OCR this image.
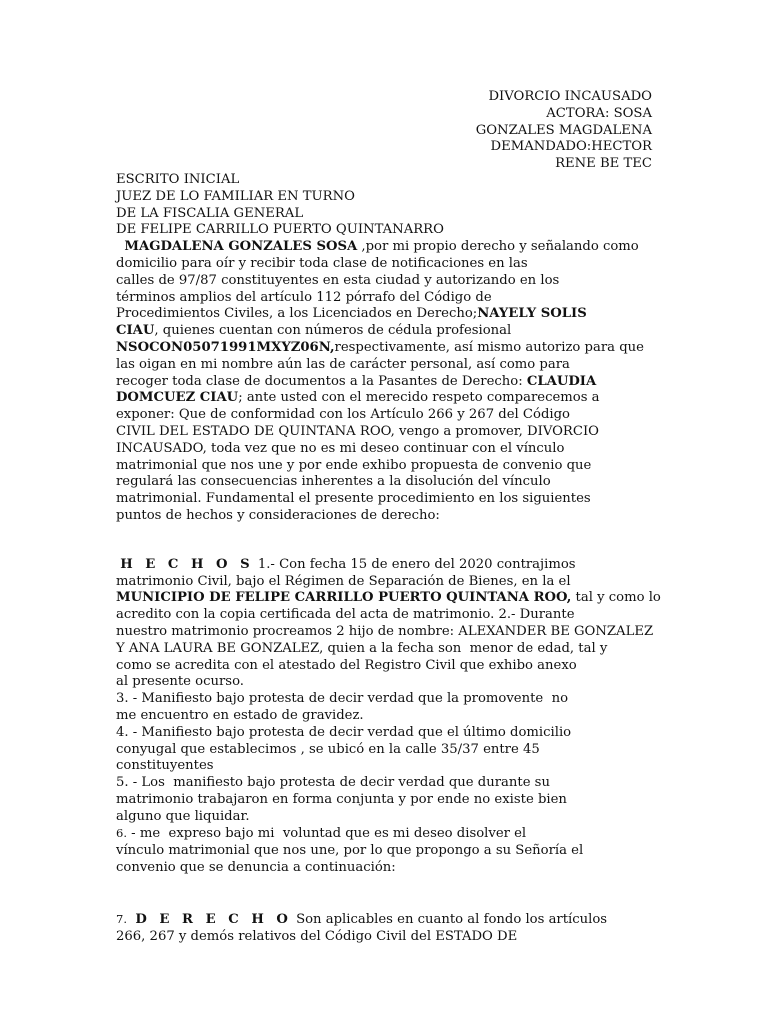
DIVORCIO INCAUSADO
ACTORA: SOSA
GONZALES MAGDALENA
DEMANDADO:HECTOR
RENE BE TEC
ESCRITO INICIAL
JUEZ DE LO FAMILIAR EN TURNO
DE LA FISCALIA GENERAL
DE FELIPE CARRILLO PUERTO QUINTANARRO
MAGDALENA GONZALES SOSA ,por mi propio derecho y señalando como
domicilio para oír y recibir toda clase de notificaciones en las
calles de 97/87 constituyentes en esta ciudad y autorizando en los
términos amplios del artículo 112 pórrafo del Código de
Procedimientos Civiles, a los Licenciados en Derecho;NAYELY SOLIS
CIAU, quienes cuentan con números de cédula profesional
NSOCON05071991MXYZ06N,respectivamente, así mismo autorizo para que
las oigan en mi nombre aún las de carácter personal, así como para
recoger toda clase de documentos a la Pasantes de Derecho: CLAUDIA
DOMCUEZ CIAU; ante usted con el merecido respeto comparecemos a
exponer: Que de conformidad con los Artículo 266 y 267 del Código
CIVIL DEL ESTADO DE QUINTANA ROO, vengo a promover, DIVORCIO
INCAUSADO, toda vez que no es mi deseo continuar con el vínculo
matrimonial que nos une y por ende exhibo propuesta de convenio que
regulará las consecuencias inherentes a la disolución del vínculo
matrimonial. Fundamental el presente procedimiento en los siguientes
puntos de hechos y consideraciones de derecho:
H E C H O S 1.- Con fecha 15 de enero del 2020 contrajimos
matrimonio Civil, bajo el Régimen de Separación de Bienes, en la el
MUNICIPIO DE FELIPE CARRILLO PUERTO QUINTANA ROO, tal y como lo
acredito con la copia certificada del acta de matrimonio. 2.- Durante
nuestro matrimonio procreamos 2 hijo de nombre: ALEXANDER BE GONZALEZ
Y ANA LAURA BE GONZALEZ, quien a la fecha son  menor de edad, tal y
como se acredita con el atestado del Registro Civil que exhibo anexo
al presente ocurso.
3. - Manifiesto bajo protesta de decir verdad que la promovente  no
me encuentro en estado de gravidez.
4. - Manifiesto bajo protesta de decir verdad que el último domicilio
conyugal que establecimos , se ubicó en la calle 35/37 entre 45
constituyentes
5. - Los  manifiesto bajo protesta de decir verdad que durante su
matrimonio trabajaron en forma conjunta y por ende no existe bien
alguno que liquidar.
6. - me  expreso bajo mi  voluntad que es mi deseo disolver el
vínculo matrimonial que nos une, por lo que propongo a su Señoría el
convenio que se denuncia a continuación:
7. D E R E C H O Son aplicables en cuanto al fondo los artículos
266, 267 y demós relativos del Código Civil del ESTADO DE
